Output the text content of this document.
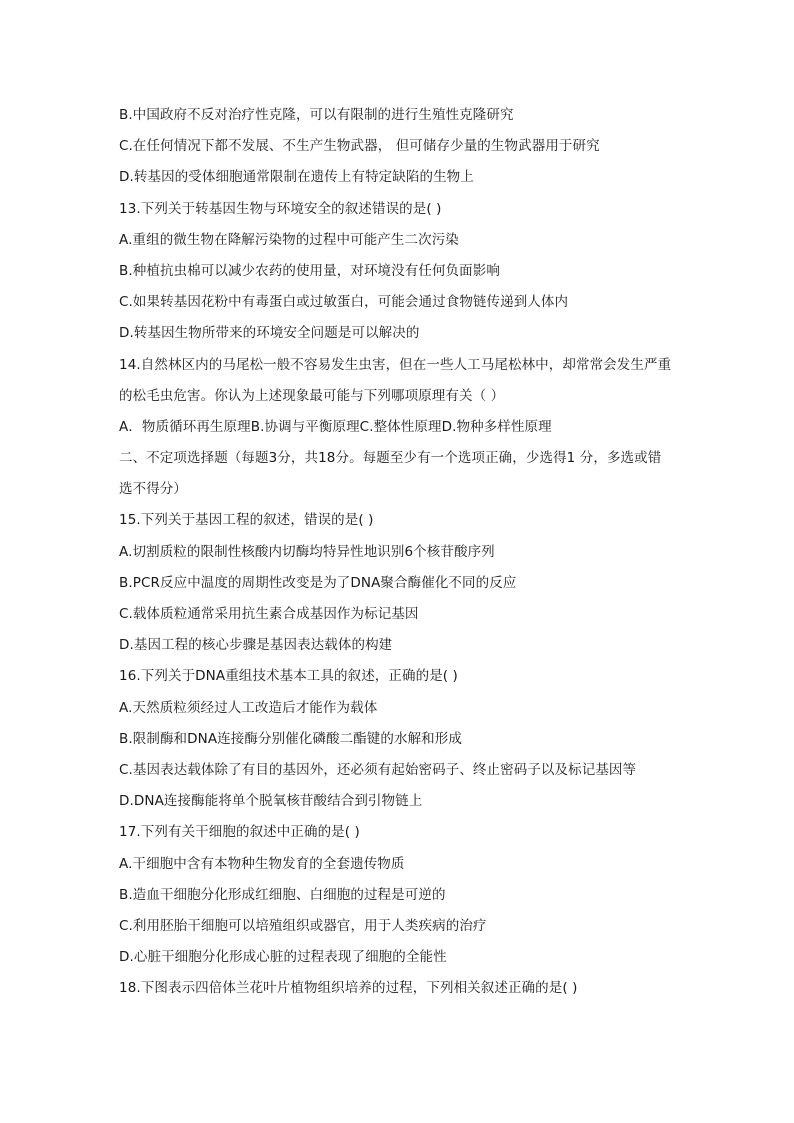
B.中国政府不反对治疗性克隆，可以有限制的进行生殖性克隆研究
C.在任何情况下都不发展、不生产生物武器， 但可储存少量的生物武器用于研究
D.转基因的受体细胞通常限制在遗传上有特定缺陷的生物上
13.下列关于转基因生物与环境安全的叙述错误的是( )
A.重组的微生物在降解污染物的过程中可能产生二次污染
B.种植抗虫棉可以减少农药的使用量，对环境没有任何负面影响
C.如果转基因花粉中有毒蛋白或过敏蛋白，可能会通过食物链传递到人体内
D.转基因生物所带来的环境安全问题是可以解决的
14.自然林区内的马尾松一般不容易发生虫害，但在一些人工马尾松林中，却常常会发生严重
的松毛虫危害。你认为上述现象最可能与下列哪项原理有关（ ）
A．物质循环再生原理B.协调与平衡原理C.整体性原理D.物种多样性原理
二、不定项选择题（每题3分，共18分。每题至少有一个选项正确，少选得1 分，多选或错
选不得分）
15.下列关于基因工程的叙述，错误的是( )
A.切割质粒的限制性核酸内切酶均特异性地识别6个核苷酸序列
B.PCR反应中温度的周期性改变是为了DNA聚合酶催化不同的反应
C.载体质粒通常采用抗生素合成基因作为标记基因
D.基因工程的核心步骤是基因表达载体的构建
16.下列关于DNA重组技术基本工具的叙述，正确的是( )
A.天然质粒须经过人工改造后才能作为载体
B.限制酶和DNA连接酶分别催化磷酸二酯键的水解和形成
C.基因表达载体除了有目的基因外，还必须有起始密码子、终止密码子以及标记基因等
D.DNA连接酶能将单个脱氧核苷酸结合到引物链上
17.下列有关干细胞的叙述中正确的是( )
A.干细胞中含有本物种生物发育的全套遗传物质
B.造血干细胞分化形成红细胞、白细胞的过程是可逆的
C.利用胚胎干细胞可以培殖组织或器官，用于人类疾病的治疗
D.心脏干细胞分化形成心脏的过程表现了细胞的全能性
18.下图表示四倍体兰花叶片植物组织培养的过程，下列相关叙述正确的是( )
